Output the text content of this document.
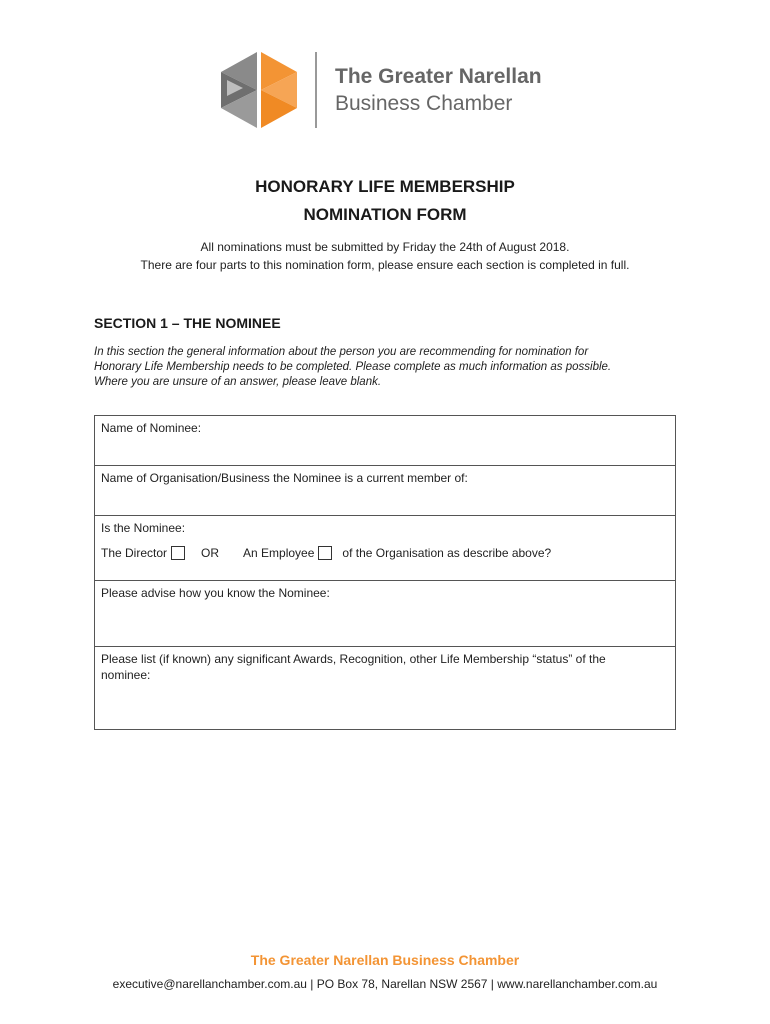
The Greater Narellan
Business Chamber
HONORARY LIFE MEMBERSHIP
NOMINATION FORM
All nominations must be submitted by Friday the 24th of August 2018.
There are four parts to this nomination form, please ensure each section is completed in full.
SECTION 1 – THE NOMINEE
In this section the general information about the person you are recommending for nomination for
Honorary Life Membership needs to be completed. Please complete as much information as possible.
Where you are unsure of an answer, please leave blank.
Name of Nominee:
Name of Organisation/Business the Nominee is a current member of:
Is the Nominee:
The Director	OR An Employee of the Organisation as describe above?
Please advise how you know the Nominee:
Please list (if known) any significant Awards, Recognition, other Life Membership “status” of the
nominee:
The Greater Narellan Business Chamber
executive@narellanchamber.com.au | PO Box 78, Narellan NSW 2567 | www.narellanchamber.com.au
